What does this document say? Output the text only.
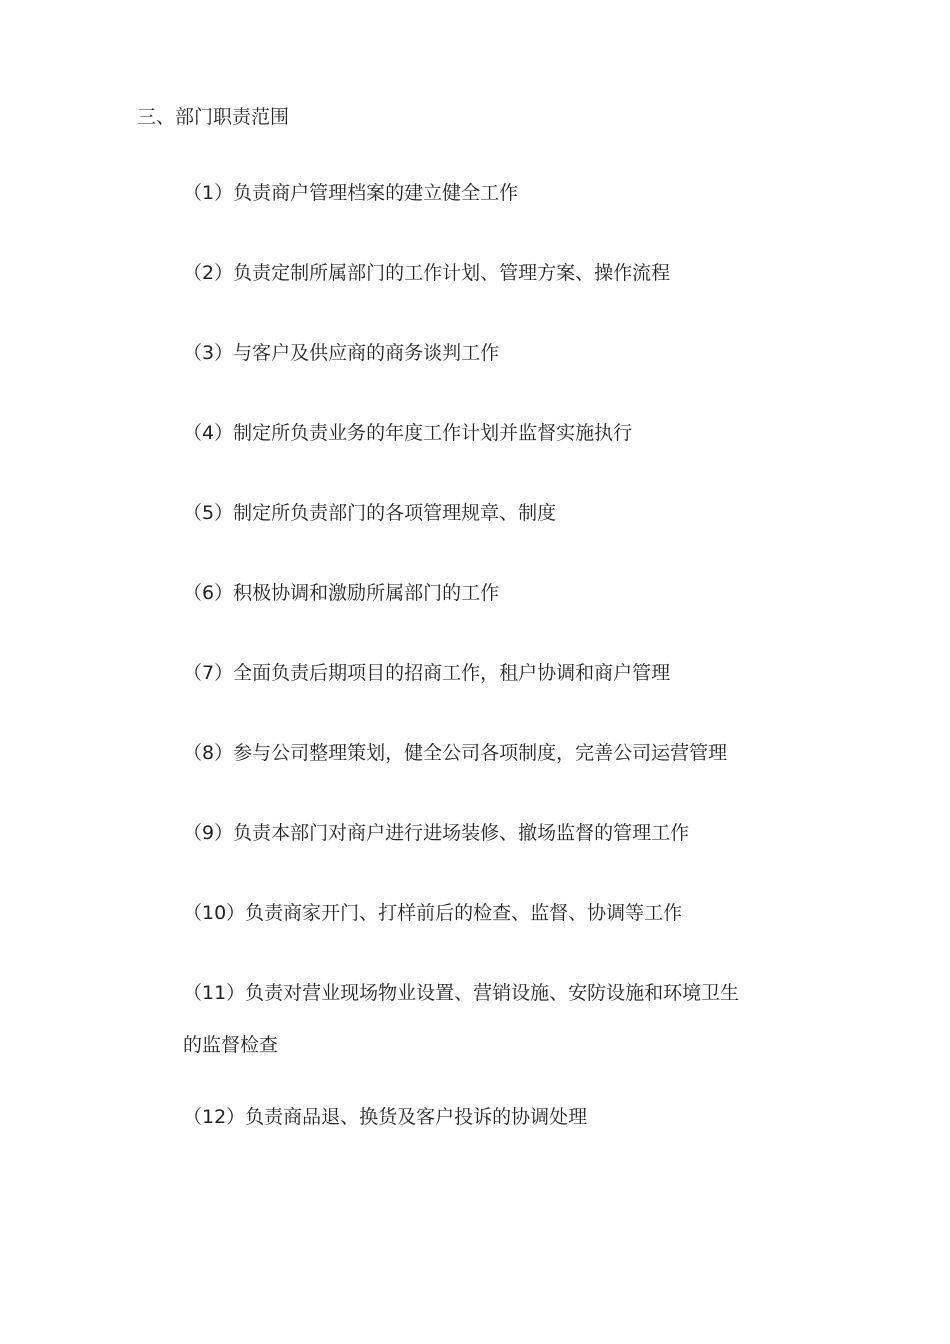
三、部门职责范围
（1）负责商户管理档案的建立健全工作
（2）负责定制所属部门的工作计划、管理方案、操作流程
（3）与客户及供应商的商务谈判工作
（4）制定所负责业务的年度工作计划并监督实施执行
（5）制定所负责部门的各项管理规章、制度
（6）积极协调和激励所属部门的工作
（7）全面负责后期项目的招商工作，租户协调和商户管理
（8）参与公司整理策划，健全公司各项制度，完善公司运营管理
（9）负责本部门对商户进行进场装修、撤场监督的管理工作
（10）负责商家开门、打样前后的检查、监督、协调等工作
（11）负责对营业现场物业设置、营销设施、安防设施和环境卫生
的监督检查
（12）负责商品退、换货及客户投诉的协调处理
